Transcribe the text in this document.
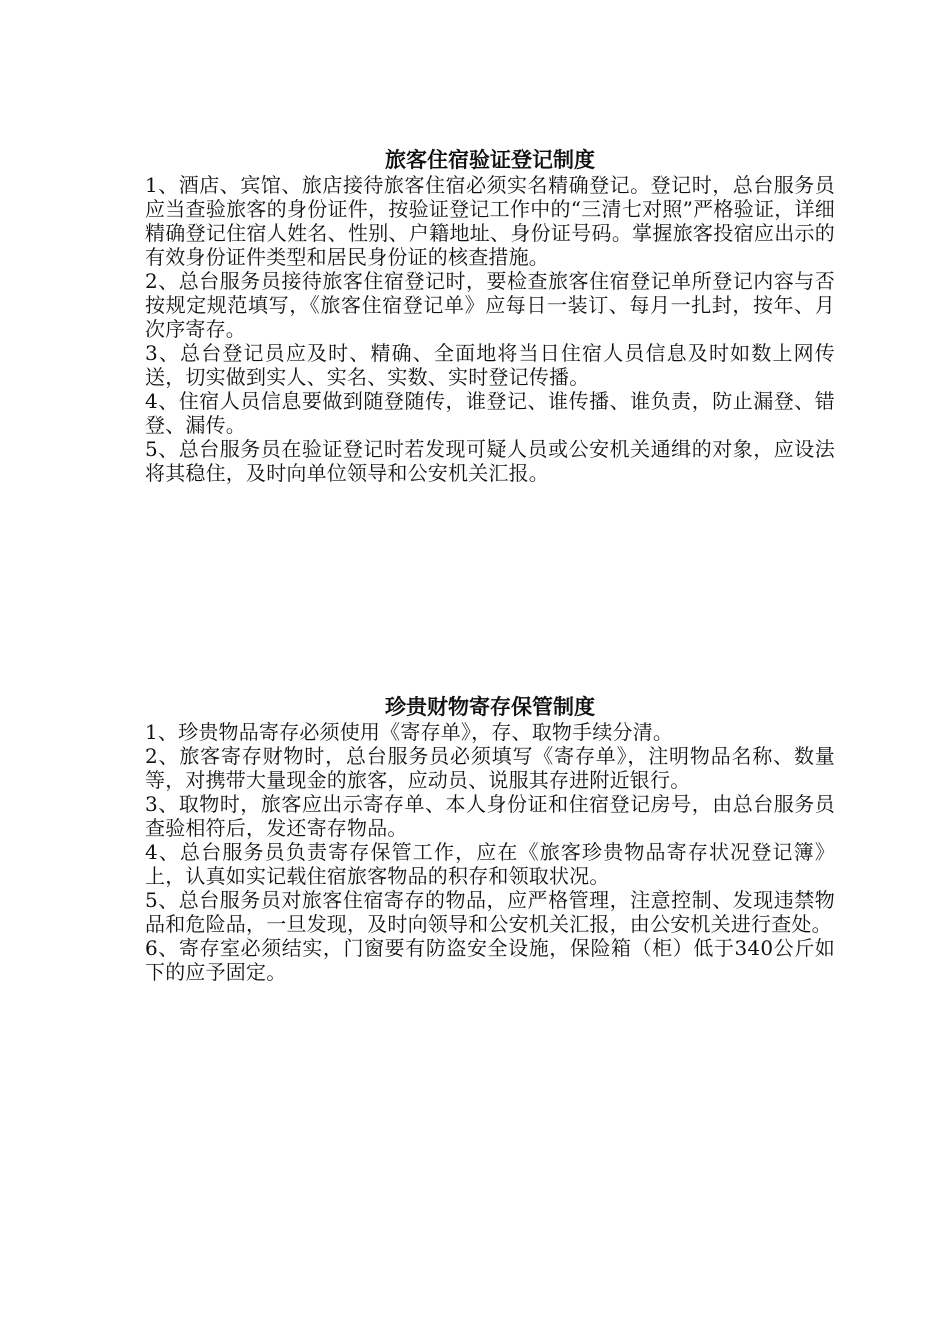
旅客住宿验证登记制度

1、酒店、宾馆、旅店接待旅客住宿必须实名精确登记。登记时，总台服务员应当查验旅客的身份证件，按验证登记工作中的“三清七对照”严格验证，详细精确登记住宿人姓名、性别、户籍地址、身份证号码。掌握旅客投宿应出示的有效身份证件类型和居民身份证的核查措施。

2、总台服务员接待旅客住宿登记时，要检查旅客住宿登记单所登记内容与否按规定规范填写，《旅客住宿登记单》应每日一装订、每月一扎封，按年、月次序寄存。

3、总台登记员应及时、精确、全面地将当日住宿人员信息及时如数上网传送，切实做到实人、实名、实数、实时登记传播。

4、住宿人员信息要做到随登随传，谁登记、谁传播、谁负责，防止漏登、错登、漏传。

5、总台服务员在验证登记时若发现可疑人员或公安机关通缉的对象，应设法将其稳住，及时向单位领导和公安机关汇报。

珍贵财物寄存保管制度

1、珍贵物品寄存必须使用《寄存单》，存、取物手续分清。

2、旅客寄存财物时，总台服务员必须填写《寄存单》，注明物品名称、数量等，对携带大量现金的旅客，应动员、说服其存进附近银行。

3、取物时，旅客应出示寄存单、本人身份证和住宿登记房号，由总台服务员查验相符后，发还寄存物品。

4、总台服务员负责寄存保管工作，应在《旅客珍贵物品寄存状况登记簿》上，认真如实记载住宿旅客物品的积存和领取状况。

5、总台服务员对旅客住宿寄存的物品，应严格管理，注意控制、发现违禁物品和危险品，一旦发现，及时向领导和公安机关汇报，由公安机关进行查处。

6、寄存室必须结实，门窗要有防盗安全设施，保险箱（柜）低于340公斤如下的应予固定。
